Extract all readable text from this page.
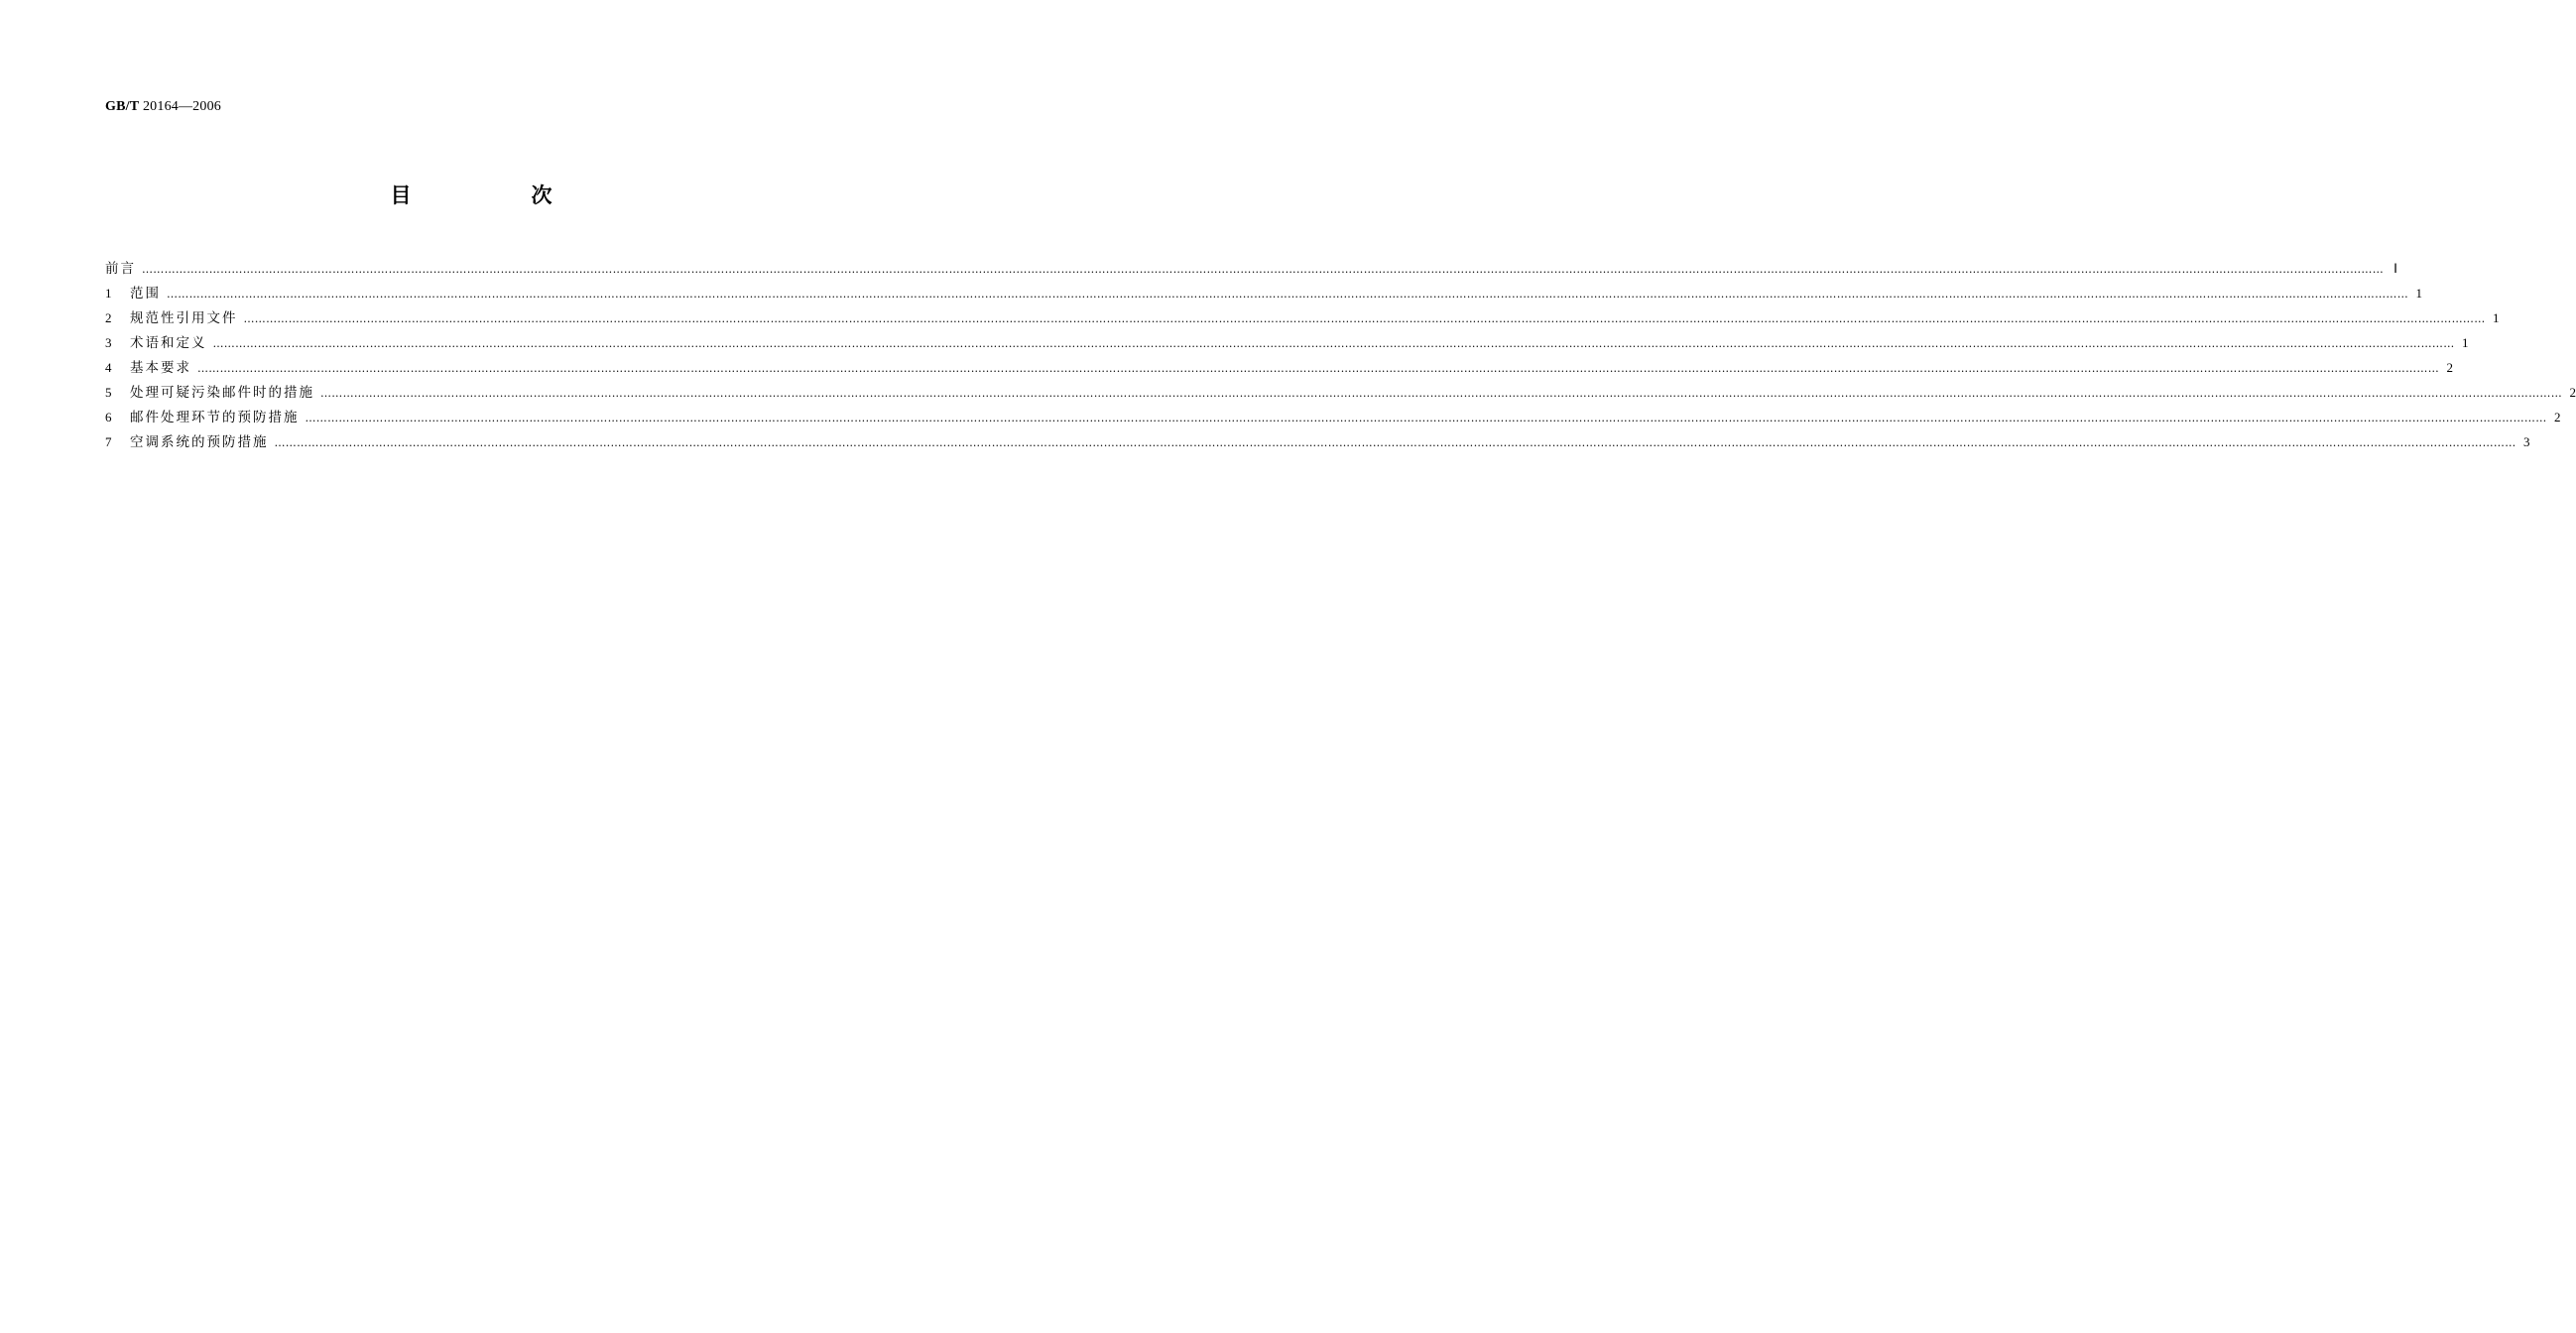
GB/T 20164—2006
目　次
前言 …………………………………………………………………………………………………………………………………………………………………………………………………………………………………………………………………………………………………………………………………………………………………………………………………………………………………………………………………………………………………………………………………………………… Ⅰ
1	范围 …………………………………………………………………………………………………………………………………………………………………………………………………………………………………………………………………………………………………………………………………………………………………………………………………………………………………………………………………………………………………………………………………………………… 1
2	规范性引用文件 …………………………………………………………………………………………………………………………………………………………………………………………………………………………………………………………………………………………………………………………………………………………………………………………………………………………………………………………………………………………………………………………………………………… 1
3	术语和定义 …………………………………………………………………………………………………………………………………………………………………………………………………………………………………………………………………………………………………………………………………………………………………………………………………………………………………………………………………………………………………………………………………………………… 1
4	基本要求 …………………………………………………………………………………………………………………………………………………………………………………………………………………………………………………………………………………………………………………………………………………………………………………………………………………………………………………………………………………………………………………………………………………… 2
5	处理可疑污染邮件时的措施 …………………………………………………………………………………………………………………………………………………………………………………………………………………………………………………………………………………………………………………………………………………………………………………………………………………………………………………………………………………………………………………………………………………… 2
6	邮件处理环节的预防措施 …………………………………………………………………………………………………………………………………………………………………………………………………………………………………………………………………………………………………………………………………………………………………………………………………………………………………………………………………………………………………………………………………………………… 2
7	空调系统的预防措施 …………………………………………………………………………………………………………………………………………………………………………………………………………………………………………………………………………………………………………………………………………………………………………………………………………………………………………………………………………………………………………………………………………………… 3
